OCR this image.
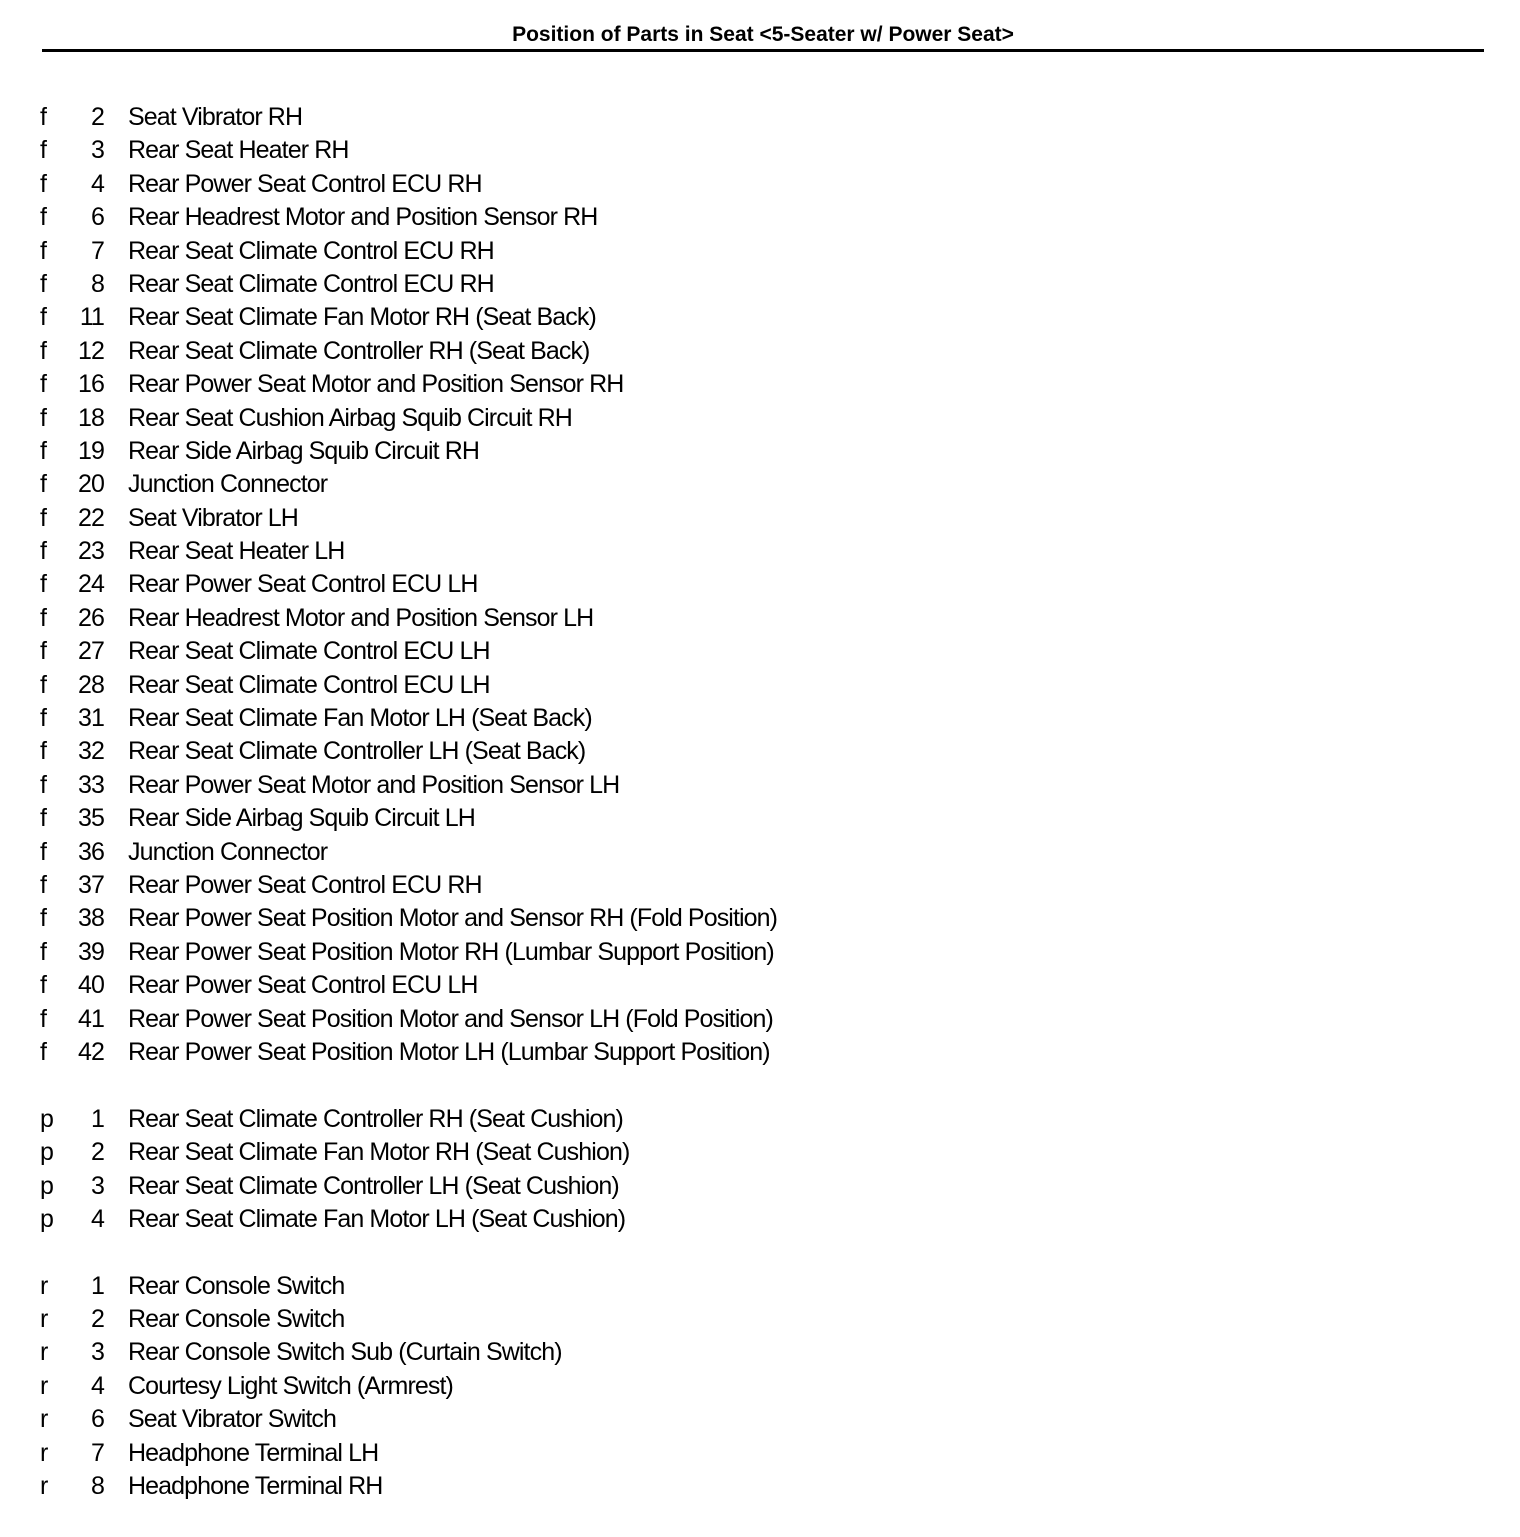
Position of Parts in Seat <5-Seater w/ Power Seat>
f	2 Seat Vibrator RH
f	3 Rear Seat Heater RH
f	4 Rear Power Seat Control ECU RH
f	6 Rear Headrest Motor and Position Sensor RH
f	7 Rear Seat Climate Control ECU RH
f	8 Rear Seat Climate Control ECU RH
f	11 Rear Seat Climate Fan Motor RH (Seat Back)
f	12 Rear Seat Climate Controller RH (Seat Back)
f	16 Rear Power Seat Motor and Position Sensor RH
f	18 Rear Seat Cushion Airbag Squib Circuit RH
f	19 Rear Side Airbag Squib Circuit RH
f	20 Junction Connector
f	22 Seat Vibrator LH
f	23 Rear Seat Heater LH
f	24 Rear Power Seat Control ECU LH
f	26 Rear Headrest Motor and Position Sensor LH
f	27 Rear Seat Climate Control ECU LH
f	28 Rear Seat Climate Control ECU LH
f	31 Rear Seat Climate Fan Motor LH (Seat Back)
f	32 Rear Seat Climate Controller LH (Seat Back)
f	33 Rear Power Seat Motor and Position Sensor LH
f	35 Rear Side Airbag Squib Circuit LH
f	36 Junction Connector
f	37 Rear Power Seat Control ECU RH
f	38 Rear Power Seat Position Motor and Sensor RH (Fold Position)
f	39 Rear Power Seat Position Motor RH (Lumbar Support Position)
f	40 Rear Power Seat Control ECU LH
f	41 Rear Power Seat Position Motor and Sensor LH (Fold Position)
f	42 Rear Power Seat Position Motor LH (Lumbar Support Position)
p	1 Rear Seat Climate Controller RH (Seat Cushion)
p	2 Rear Seat Climate Fan Motor RH (Seat Cushion)
p	3 Rear Seat Climate Controller LH (Seat Cushion)
p	4 Rear Seat Climate Fan Motor LH (Seat Cushion)
r	1 Rear Console Switch
r	2 Rear Console Switch
r	3 Rear Console Switch Sub (Curtain Switch)
r	4 Courtesy Light Switch (Armrest)
r	6 Seat Vibrator Switch
r	7 Headphone Terminal LH
r	8 Headphone Terminal RH
